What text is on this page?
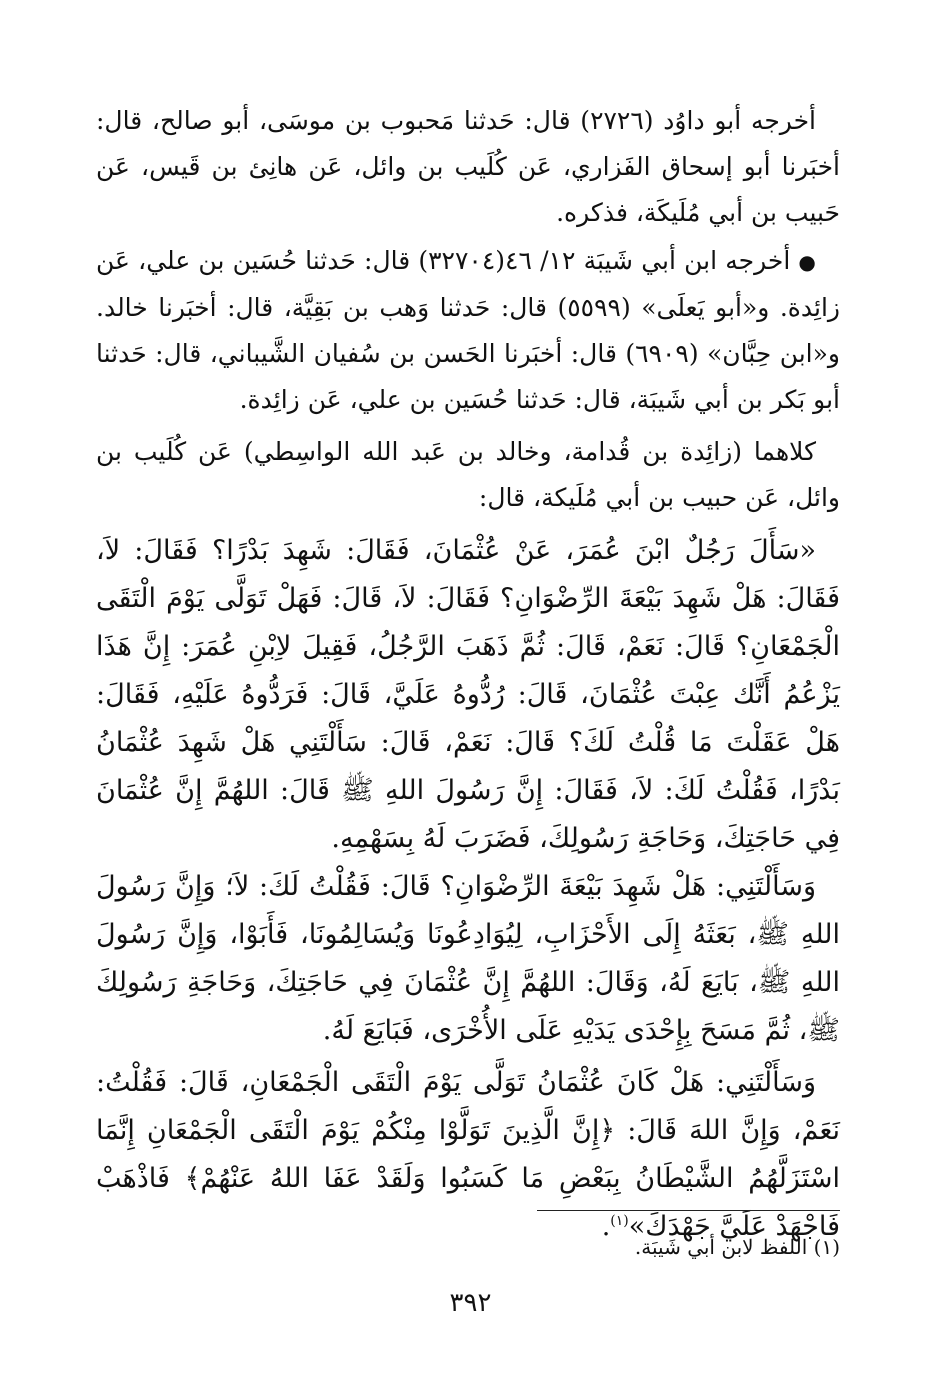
أخرجه أبو داوُد (٢٧٢٦) قال: حَدثنا مَحبوب بن موسَى، أبو صالح، قال: أخبَرنا أبو إسحاق الفَزاري، عَن كُلَيب بن وائل، عَن هانِئ بن قَيس، عَن حَبيب بن أبي مُلَيكَة، فذكره.

●أخرجه ابن أبي شَيبَة ١٢/ ٤٦(٣٢٧٠٤) قال: حَدثنا حُسَين بن علي، عَن زائِدة. و«أبو يَعلَى» (٥٥٩٩) قال: حَدثنا وَهب بن بَقِيَّة، قال: أخبَرنا خالد. و«ابن حِبَّان» (٦٩٠٩) قال: أخبَرنا الحَسن بن سُفيان الشَّيباني، قال: حَدثنا أبو بَكر بن أبي شَيبَة، قال: حَدثنا حُسَين بن علي، عَن زائِدة.

كلاهما (زائِدة بن قُدامة، وخالد بن عَبد الله الواسِطي) عَن كُلَيب بن وائل، عَن حبيب بن أبي مُلَيكة، قال:

«سَأَلَ رَجُلٌ ابْنَ عُمَرَ، عَنْ عُثْمَانَ، فَقَالَ: شَهِدَ بَدْرًا؟ فَقَالَ: لاَ، فَقَالَ: هَلْ شَهِدَ بَيْعَةَ الرِّضْوَانِ؟ فَقَالَ: لاَ، قَالَ: فَهَلْ تَوَلَّى يَوْمَ الْتَقَى الْجَمْعَانِ؟ قَالَ: نَعَمْ، قَالَ: ثُمَّ ذَهَبَ الرَّجُلُ، فَقِيلَ لاِبْنِ عُمَرَ: إِنَّ هَذَا يَزْعُمُ أَنَّك عِبْتَ عُثْمَانَ، قَالَ: رُدُّوهُ عَلَيَّ، قَالَ: فَرَدُّوهُ عَلَيْهِ، فَقَالَ: هَلْ عَقَلْتَ مَا قُلْتُ لَكَ؟ قَالَ: نَعَمْ، قَالَ: سَأَلْتَنِي هَلْ شَهِدَ عُثْمَانُ بَدْرًا، فَقُلْتُ لَكَ: لاَ، فَقَالَ: إِنَّ رَسُولَ اللهِ ﷺ قَالَ: اللهُمَّ إِنَّ عُثْمَانَ فِي حَاجَتِكَ، وَحَاجَةِ رَسُولِكَ، فَضَرَبَ لَهُ بِسَهْمِهِ.

وَسَأَلْتَنِي: هَلْ شَهِدَ بَيْعَةَ الرِّضْوَانِ؟ قَالَ: فَقُلْتُ لَكَ: لاَ؛ وَإِنَّ رَسُولَ اللهِ ﷺ، بَعَثَهُ إِلَى الأَحْزَابِ، لِيُوَادِعُونَا وَيُسَالِمُونَا، فَأَبَوْا، وَإِنَّ رَسُولَ اللهِ ﷺ، بَايَعَ لَهُ، وَقَالَ: اللهُمَّ إِنَّ عُثْمَانَ فِي حَاجَتِكَ، وَحَاجَةِ رَسُولِكَ ﷺ، ثُمَّ مَسَحَ بِإِحْدَى يَدَيْهِ عَلَى الأُخْرَى، فَبَايَعَ لَهُ.

وَسَأَلْتَنِي: هَلْ كَانَ عُثْمَانُ تَوَلَّى يَوْمَ الْتَقَى الْجَمْعَانِ، قَالَ: فَقُلْتُ: نَعَمْ، وَإِنَّ اللهَ قَالَ: ﴿إِنَّ الَّذِينَ تَوَلَّوْا مِنْكُمْ يَوْمَ الْتَقَى الْجَمْعَانِ إِنَّمَا اسْتَزَلَّهُمُ الشَّيْطَانُ بِبَعْضِ مَا كَسَبُوا وَلَقَدْ عَفَا اللهُ عَنْهُمْ﴾ فَاذْهَبْ فَاجْهَدْ عَلَيَّ جَهْدَكَ»$^{(١)}$.

(١) اللفظ لابن أبي شَيبَة.
٣٩٢
